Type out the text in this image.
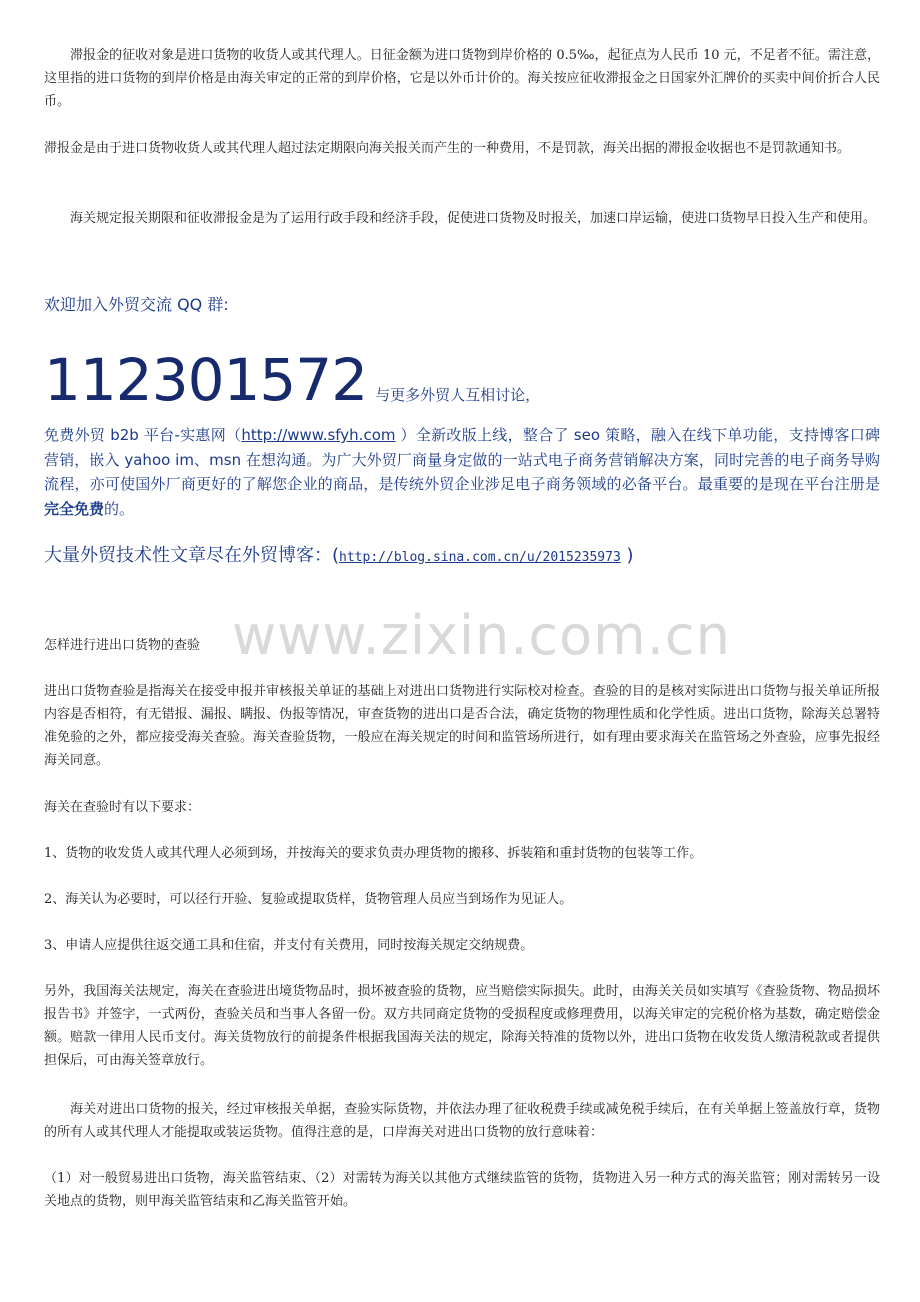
滞报金的征收对象是进口货物的收货人或其代理人。日征金额为进口货物到岸价格的 0.5‰，起征点为人民币 10 元，不足者不征。需注意，这里指的进口货物的到岸价格是由海关审定的正常的到岸价格，它是以外币计价的。海关按应征收滞报金之日国家外汇牌价的买卖中间价折合人民币。

滞报金是由于进口货物收货人或其代理人超过法定期限向海关报关而产生的一种费用，不是罚款，海关出据的滞报金收据也不是罚款通知书。

海关规定报关期限和征收滞报金是为了运用行政手段和经济手段，促使进口货物及时报关，加速口岸运输，使进口货物早日投入生产和使用。

欢迎加入外贸交流 QQ 群:

112301572 与更多外贸人互相讨论，

免费外贸 b2b 平台-实惠网（http://www.sfyh.com ）全新改版上线，整合了 seo 策略，融入在线下单功能，支持博客口碑营销，嵌入 yahoo im、msn 在想沟通。为广大外贸厂商量身定做的一站式电子商务营销解决方案，同时完善的电子商务导购流程，亦可使国外厂商更好的了解您企业的商品，是传统外贸企业涉足电子商务领域的必备平台。最重要的是现在平台注册是完全免费的。

大量外贸技术性文章尽在外贸博客：(http://blog.sina.com.cn/u/2015235973 )

www.zixin.com.cn

怎样进行进出口货物的查验

进出口货物查验是指海关在接受申报并审核报关单证的基础上对进出口货物进行实际校对检查。查验的目的是核对实际进出口货物与报关单证所报内容是否相符，有无错报、漏报、瞒报、伪报等情况，审查货物的进出口是否合法，确定货物的物理性质和化学性质。进出口货物，除海关总署特准免验的之外，都应接受海关查验。海关查验货物，一般应在海关规定的时间和监管场所进行，如有理由要求海关在监管场之外查验，应事先报经海关同意。

海关在查验时有以下要求：

1、货物的收发货人或其代理人必须到场，并按海关的要求负责办理货物的搬移、拆装箱和重封货物的包装等工作。

2、海关认为必要时，可以径行开验、复验或提取货样，货物管理人员应当到场作为见证人。

3、申请人应提供往返交通工具和住宿，并支付有关费用，同时按海关规定交纳规费。

另外，我国海关法规定，海关在查验进出境货物品时，损坏被查验的货物，应当赔偿实际损失。此时，由海关关员如实填写《查验货物、物品损坏报告书》并签字，一式两份，查验关员和当事人各留一份。双方共同商定货物的受损程度或修理费用，以海关审定的完税价格为基数，确定赔偿金额。赔款一律用人民币支付。海关货物放行的前提条件根据我国海关法的规定，除海关特准的货物以外，进出口货物在收发货人缴清税款或者提供担保后，可由海关签章放行。

海关对进出口货物的报关，经过审核报关单据，查验实际货物，并依法办理了征收税费手续或减免税手续后，在有关单据上签盖放行章，货物的所有人或其代理人才能提取或装运货物。值得注意的是，口岸海关对进出口货物的放行意味着：

（1）对一般贸易进出口货物，海关监管结束、（2）对需转为海关以其他方式继续监管的货物，货物进入另一种方式的海关监管；刚对需转另一设关地点的货物，则甲海关监管结束和乙海关监管开始。
